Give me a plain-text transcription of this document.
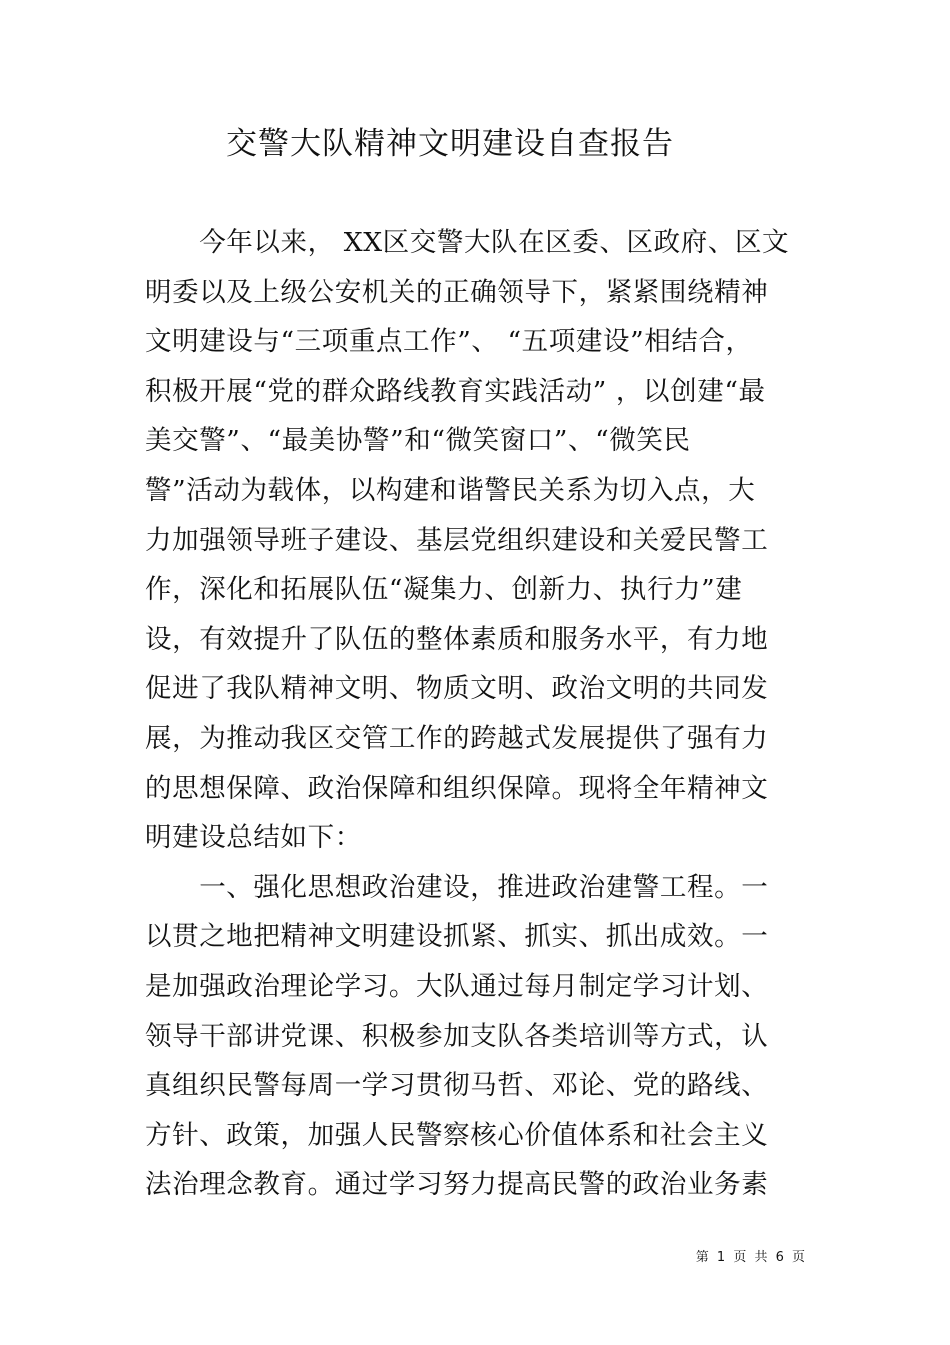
交警大队精神文明建设自查报告

　　今年以来， XX区交警大队在区委、区政府、区文

明委以及上级公安机关的正确领导下，紧紧围绕精神

文明建设与“三项重点工作”、 “五项建设”相结合，

积极开展“党的群众路线教育实践活动” ，以创建“最

美交警”、“最美协警”和“微笑窗口”、“微笑民

警”活动为载体，以构建和谐警民关系为切入点，大

力加强领导班子建设、基层党组织建设和关爱民警工

作，深化和拓展队伍“凝集力、创新力、执行力”建

设，有效提升了队伍的整体素质和服务水平，有力地

促进了我队精神文明、物质文明、政治文明的共同发

展，为推动我区交管工作的跨越式发展提供了强有力

的思想保障、政治保障和组织保障。现将全年精神文

明建设总结如下：

　　一、强化思想政治建设，推进政治建警工程。一

以贯之地把精神文明建设抓紧、抓实、抓出成效。一

是加强政治理论学习。大队通过每月制定学习计划、

领导干部讲党课、积极参加支队各类培训等方式，认

真组织民警每周一学习贯彻马哲、邓论、党的路线、

方针、政策，加强人民警察核心价值体系和社会主义

法治理念教育。通过学习努力提高民警的政治业务素

第 1 页 共 6 页
